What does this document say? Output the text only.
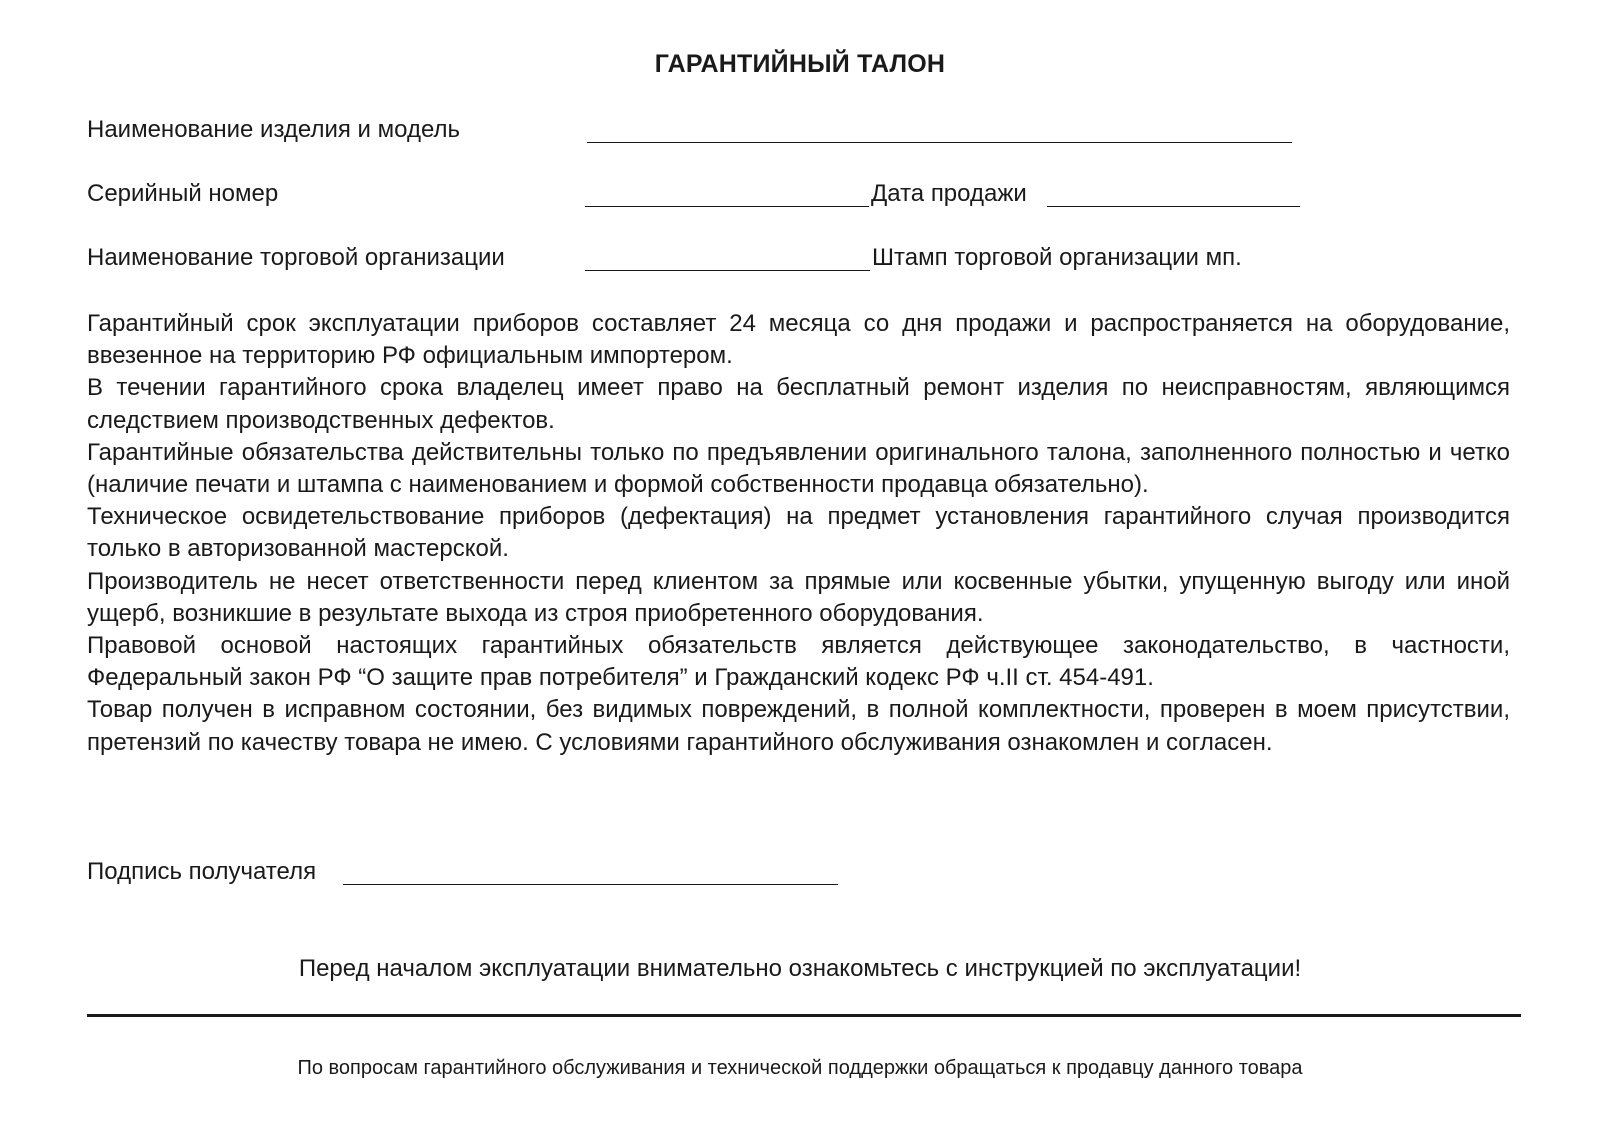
ГАРАНТИЙНЫЙ ТАЛОН
Наименование изделия и модель
Серийный номер	Дата продажи
Наименование торговой организации	Штамп торговой организации мп.

Гарантийный срок эксплуатации приборов составляет 24 месяца со дня продажи и распространяется на оборудование, ввезенное на территорию РФ официальным импортером.

В течении гарантийного срока владелец имеет право на бесплатный ремонт изделия по неисправностям, являющимся следствием производственных дефектов.

Гарантийные обязательства действительны только по предъявлении оригинального талона, заполненного полностью и четко (наличие печати и штампа с наименованием и формой собственности продавца обязательно).

Техническое освидетельствование приборов (дефектация) на предмет установления гарантийного случая производится только в авторизованной мастерской.

Производитель не несет ответственности перед клиентом за прямые или косвенные убытки, упущенную выгоду или иной ущерб, возникшие в результате выхода из строя приобретенного оборудования.

Правовой основой настоящих гарантийных обязательств является действующее законодательство, в частности, Федеральный закон РФ “О защите прав потребителя” и Гражданский кодекс РФ ч.II ст. 454-491.

Товар получен в исправном состоянии, без видимых повреждений, в полной комплектности, проверен в моем присутствии, претензий по качеству товара не имею. С условиями гарантийного обслуживания ознакомлен и согласен.

Подпись получателя
Перед началом эксплуатации внимательно ознакомьтесь с инструкцией по эксплуатации!
По вопросам гарантийного обслуживания и технической поддержки обращаться к продавцу данного товара
